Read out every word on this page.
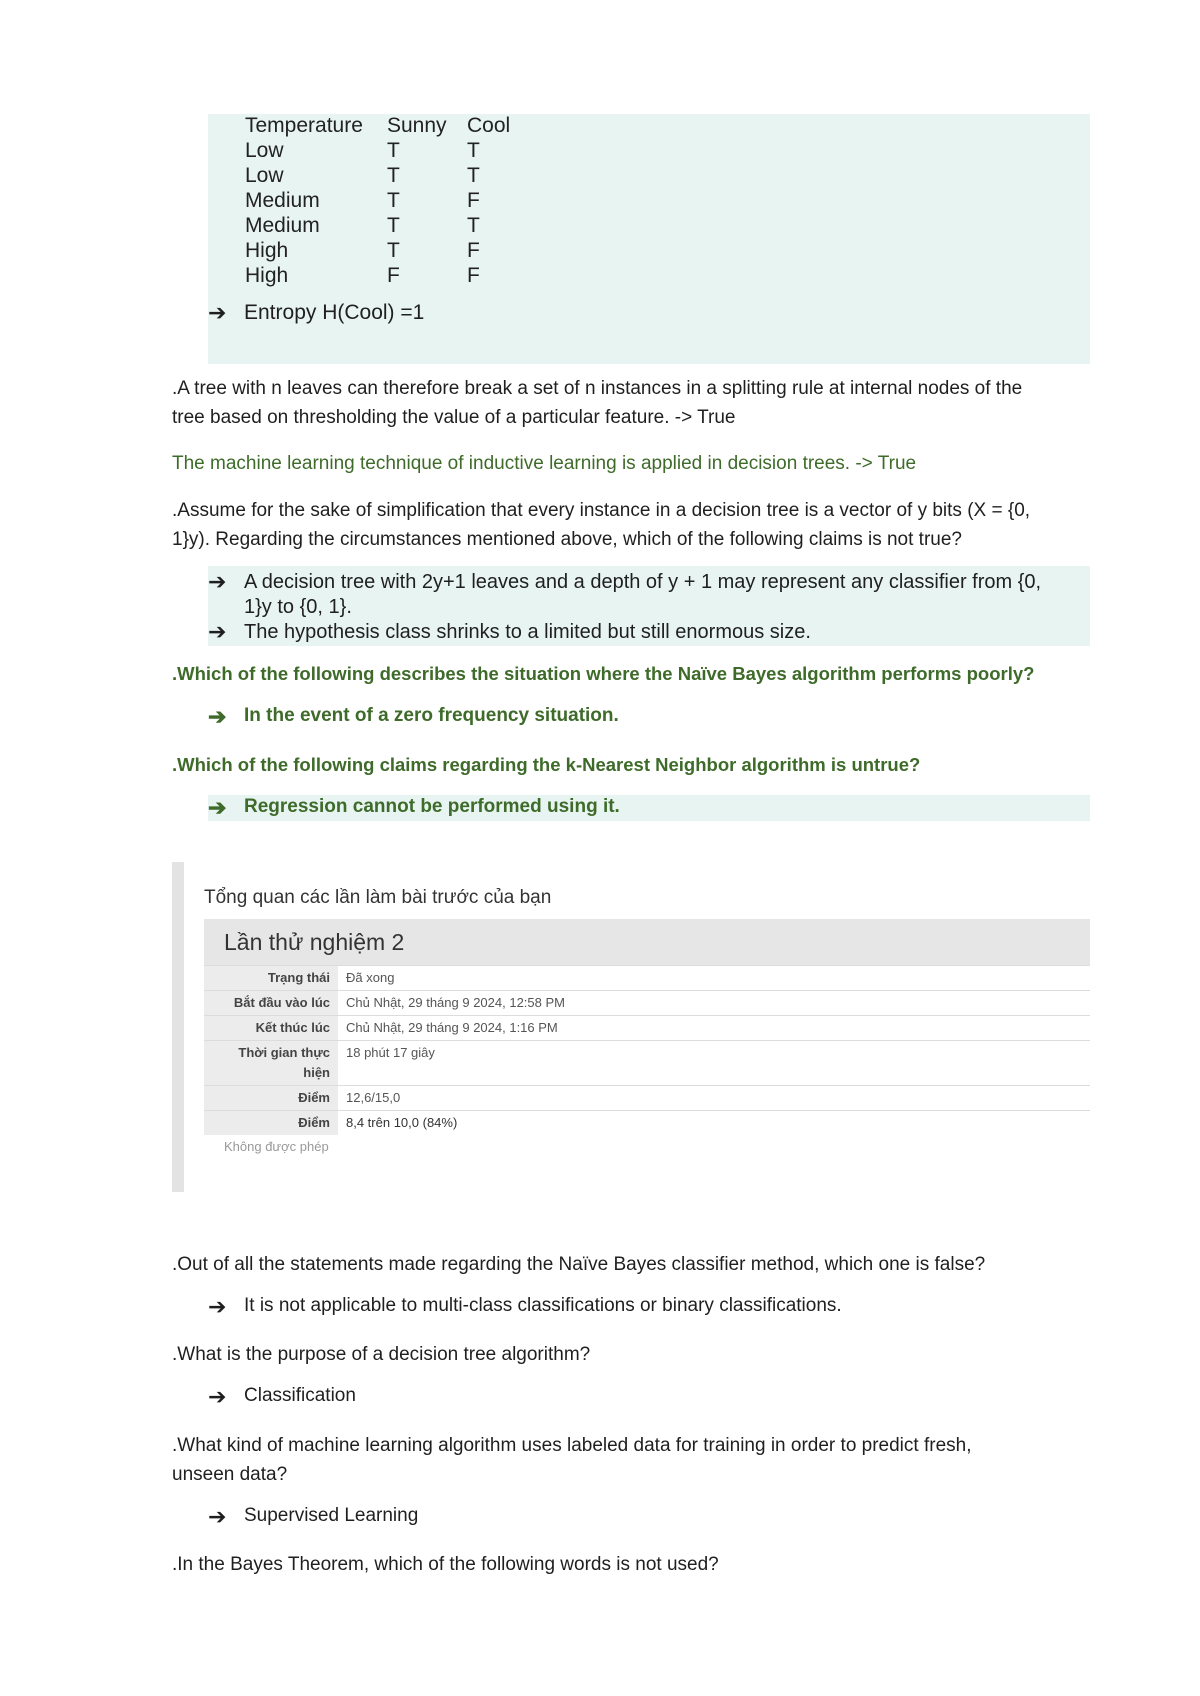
Temperature	Sunny	Cool
Low	T	T
Low	T	T
Medium	T	F
Medium	T	T
High	T	F
High	F	F
➔ Entropy H(Cool) =1
.A tree with n leaves can therefore break a set of n instances in a splitting rule at internal nodes of the
tree based on thresholding the value of a particular feature. -> True
The machine learning technique of inductive learning is applied in decision trees. -> True
.Assume for the sake of simplification that every instance in a decision tree is a vector of y bits (X = {0,
1}y). Regarding the circumstances mentioned above, which of the following claims is not true?
➔ A decision tree with 2y+1 leaves and a depth of y + 1 may represent any classifier from {0,
1}y to {0, 1}.
➔ The hypothesis class shrinks to a limited but still enormous size.
.Which of the following describes the situation where the Naïve Bayes algorithm performs poorly?
➔ In the event of a zero frequency situation.
.Which of the following claims regarding the k-Nearest Neighbor algorithm is untrue?
➔ Regression cannot be performed using it.
Tổng quan các lần làm bài trước của bạn
Lần thử nghiệm 2
Trạng thái	Đã xong
Bắt đầu vào lúc	Chủ Nhật, 29 tháng 9 2024, 12:58 PM
Kết thúc lúc	Chủ Nhật, 29 tháng 9 2024, 1:16 PM
Thời gian thực hiện	18 phút 17 giây
Điểm	12,6/15,0
Điểm	8,4 trên 10,0 (84%)
Không được phép
.Out of all the statements made regarding the Naïve Bayes classifier method, which one is false?
➔ It is not applicable to multi-class classifications or binary classifications.
.What is the purpose of a decision tree algorithm?
➔ Classification
.What kind of machine learning algorithm uses labeled data for training in order to predict fresh,
unseen data?
➔ Supervised Learning
.In the Bayes Theorem, which of the following words is not used?
